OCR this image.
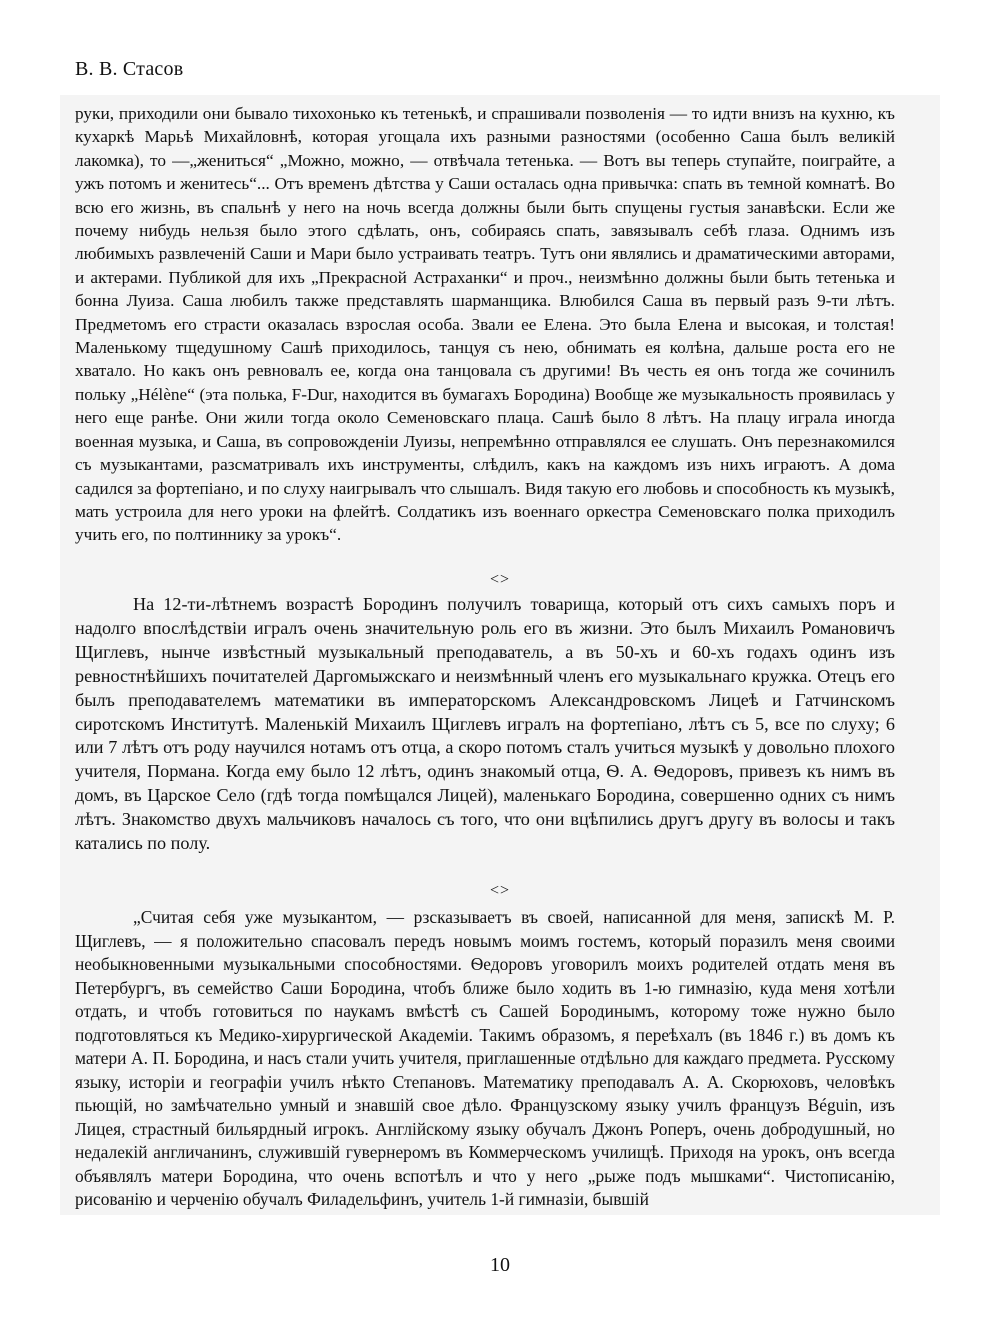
В. В. Стасов

руки, приходили они бывало тихохонько къ тетенькѣ, и спрашивали позволенія — то идти внизъ на кухню, къ кухаркѣ Марьѣ Михайловнѣ, которая угощала ихъ разными разностями (особенно Саша былъ великій лакомка), то —„жениться“ „Можно, можно, — отвѣчала тетенька. — Вотъ вы теперь ступайте, поиграйте, а ужъ потомъ и женитесь“... Отъ временъ дѣтства у Саши осталась одна привычка: спать въ темной комнатѣ. Во всю его жизнь, въ спальнѣ у него на ночь всегда должны были быть спущены густыя занавѣски. Если же почему нибудь нельзя было этого сдѣлать, онъ, собираясь спать, завязывалъ себѣ глаза. Однимъ изъ любимыхъ развлеченій Саши и Мари было устраивать театръ. Тутъ они являлись и драматическими авторами, и актерами. Публикой для ихъ „Прекрасной Астраханки“ и проч., неизмѣнно должны были быть тетенька и бонна Луиза. Саша любилъ также представлять шарманщика. Влюбился Саша въ первый разъ 9-ти лѣтъ. Предметомъ его страсти оказалась взрослая особа. Звали ее Елена. Это была Елена и высокая, и толстая! Маленькому тщедушному Сашѣ приходилось, танцуя съ нею, обнимать ея колѣна, дальше роста его не хватало. Но какъ онъ ревновалъ ее, когда она танцовала съ другими! Въ честь ея онъ тогда же сочинилъ польку „Hélène“ (эта полька, F-Dur, находится въ бумагахъ Бородина) Вообще же музыкальность проявилась у него еще ранѣе. Они жили тогда около Семеновскаго плаца. Сашѣ было 8 лѣтъ. На плацу играла иногда военная музыка, и Саша, въ сопровожденіи Луизы, непремѣнно отправлялся ее слушать. Онъ перезнакомился съ музыкантами, разсматривалъ ихъ инструменты, слѣдилъ, какъ на каждомъ изъ нихъ играютъ. А дома садился за фортепіано, и по слуху наигрывалъ что слышалъ. Видя такую его любовь и способность къ музыкѣ, мать устроила для него уроки на флейтѣ. Солдатикъ изъ военнаго оркестра Семеновскаго полка приходилъ учить его, по полтиннику за урокъ“.

<>

На 12-ти-лѣтнемъ возрастѣ Бородинъ получилъ товарища, который отъ сихъ самыхъ поръ и надолго впослѣдствіи игралъ очень значительную роль его въ жизни. Это былъ Михаилъ Романовичъ Щиглевъ, нынче извѣстный музыкальный преподаватель, а въ 50-хъ и 60-хъ годахъ одинъ изъ ревностнѣйшихъ почитателей Даргомыжскаго и неизмѣнный членъ его музыкальнаго кружка. Отецъ его былъ преподавателемъ математики въ императорскомъ Александровскомъ Лицеѣ и Гатчинскомъ сиротскомъ Институтѣ. Маленькій Михаилъ Щиглевъ игралъ на фортепіано, лѣтъ съ 5, все по слуху; 6 или 7 лѣтъ отъ роду научился нотамъ отъ отца, а скоро потомъ сталъ учиться музыкѣ у довольно плохого учителя, Пормана. Когда ему было 12 лѣтъ, одинъ знакомый отца, Ѳ. А. Ѳедоровъ, привезъ къ нимъ въ домъ, въ Царское Село (гдѣ тогда помѣщался Лицей), маленькаго Бородина, совершенно одних съ нимъ лѣтъ. Знакомство двухъ мальчиковъ началось съ того, что они вцѣпились другъ другу въ волосы и такъ катались по полу.

<>

„Считая себя уже музыкантом, — рзсказываетъ въ своей, написанной для меня, запискѣ М. Р. Щиглевъ, — я положительно спасовалъ передъ новымъ моимъ гостемъ, который поразилъ меня своими необыкновенными музыкальными способностями. Ѳедоровъ уговорилъ моихъ родителей отдать меня въ Петербургъ, въ семейство Саши Бородина, чтобъ ближе было ходить въ 1-ю гимназію, куда меня хотѣли отдать, и чтобъ готовиться по наукамъ вмѣстѣ съ Сашей Бородинымъ, которому тоже нужно было подготовляться къ Медико-хирургической Академіи. Такимъ образомъ, я переѣхалъ (въ 1846 г.) въ домъ къ матери А. П. Бородина, и насъ стали учить учителя, приглашенные отдѣльно для каждаго предмета. Русскому языку, исторіи и географіи училъ нѣкто Степановъ. Математику преподавалъ А. А. Скорюховъ, человѣкъ пьющій, но замѣчательно умный и знавшій свое дѣло. Французскому языку училъ французъ Béguin, изъ Лицея, страстный бильярдный игрокъ. Англійскому языку обучалъ Джонъ Роперъ, очень добродушный, но недалекій англичанинъ, служившій гувернеромъ въ Коммерческомъ училищѣ. Приходя на урокъ, онъ всегда объявлялъ матери Бородина, что очень вспотѣлъ и что у него „рыже подъ мышками“. Чистописанію, рисованію и черченію обучалъ Филадельфинъ, учитель 1-й гимназіи, бывшій

10
